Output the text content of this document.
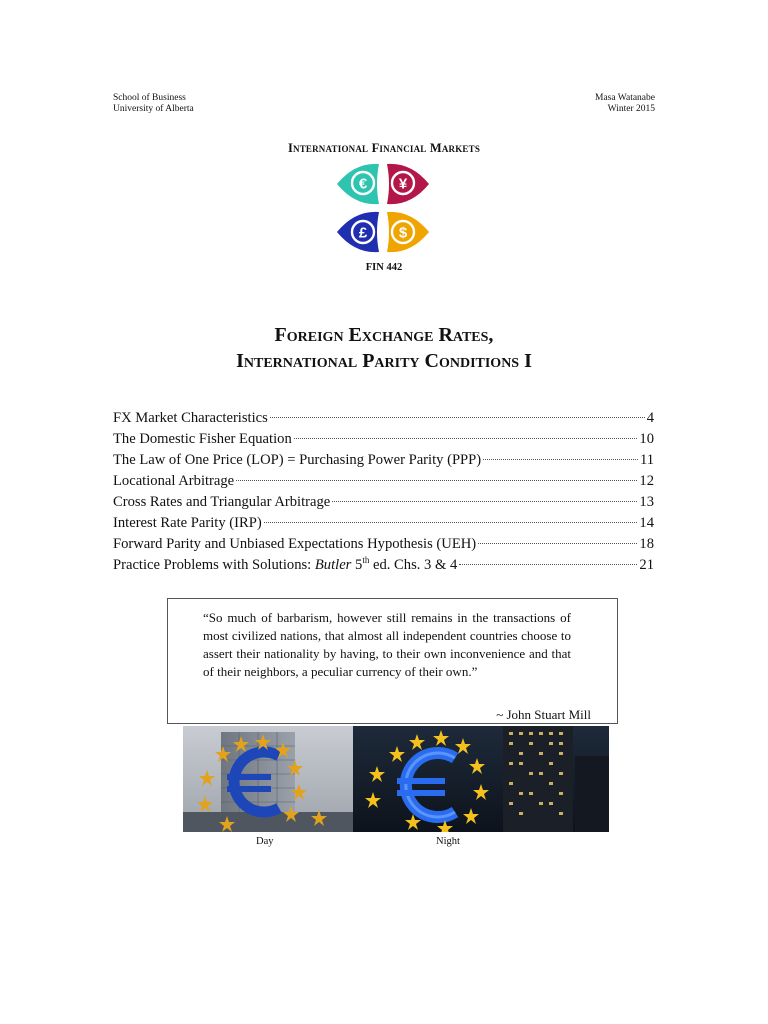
School of Business
University of Alberta
Masa Watanabe
Winter 2015
International Financial Markets
€ ¥
£ $
FIN 442
Foreign Exchange Rates,
International Parity Conditions I
FX Market Characteristics	4
The Domestic Fisher Equation	10
The Law of One Price (LOP) = Purchasing Power Parity (PPP)	11
Locational Arbitrage	12
Cross Rates and Triangular Arbitrage	13
Interest Rate Parity (IRP)	14
Forward Parity and Unbiased Expectations Hypothesis (UEH)	18
Practice Problems with Solutions: Butler 5th ed. Chs. 3 & 4	21
“So much of barbarism, however still remains in the transactions of most civilized nations, that almost all independent countries choose to assert their nationality by having, to their own inconvenience and that of their neighbors, a peculiar currency of their own.”
~ John Stuart Mill
Day	Night
